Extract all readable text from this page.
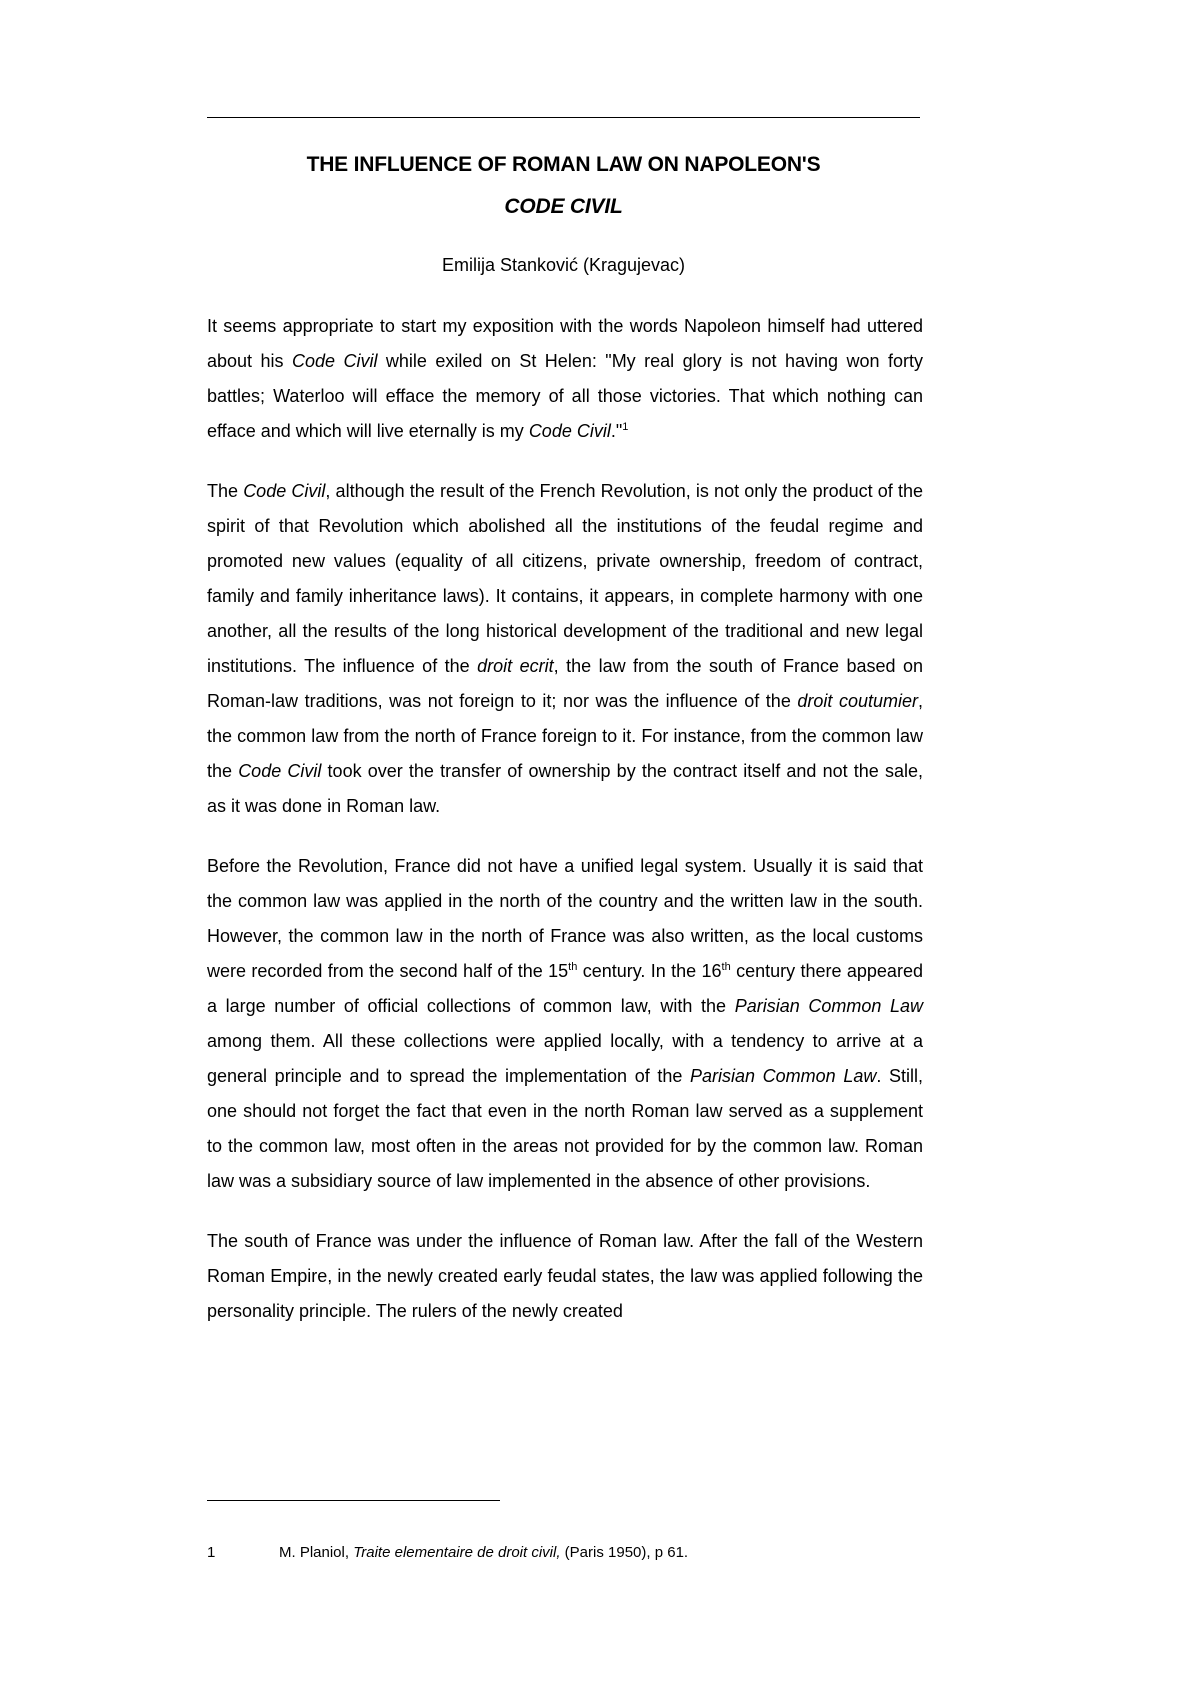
THE INFLUENCE OF ROMAN LAW ON NAPOLEON'S
CODE CIVIL
Emilija Stanković (Kragujevac)

It seems appropriate to start my exposition with the words Napoleon himself had uttered about his Code Civil while exiled on St Helen: "My real glory is not having won forty battles; Waterloo will efface the memory of all those victories. That which nothing can efface and which will live eternally is my Code Civil."$^1$

The Code Civil, although the result of the French Revolution, is not only the product of the spirit of that Revolution which abolished all the institutions of the feudal regime and promoted new values (equality of all citizens, private ownership, freedom of contract, family and family inheritance laws). It contains, it appears, in complete harmony with one another, all the results of the long historical development of the traditional and new legal institutions. The influence of the droit ecrit, the law from the south of France based on Roman-law traditions, was not foreign to it; nor was the influence of the droit coutumier, the common law from the north of France foreign to it. For instance, from the common law the Code Civil took over the transfer of ownership by the contract itself and not the sale, as it was done in Roman law.

Before the Revolution, France did not have a unified legal system. Usually it is said that the common law was applied in the north of the country and the written law in the south. However, the common law in the north of France was also written, as the local customs were recorded from the second half of the 15th century. In the 16th century there appeared a large number of official collections of common law, with the Parisian Common Law among them. All these collections were applied locally, with a tendency to arrive at a general principle and to spread the implementation of the Parisian Common Law. Still, one should not forget the fact that even in the north Roman law served as a supplement to the common law, most often in the areas not provided for by the common law. Roman law was a subsidiary source of law implemented in the absence of other provisions.

The south of France was under the influence of Roman law. After the fall of the Western Roman Empire, in the newly created early feudal states, the law was applied following the personality principle. The rulers of the newly created

1	M. Planiol, Traite elementaire de droit civil, (Paris 1950), p 61.
